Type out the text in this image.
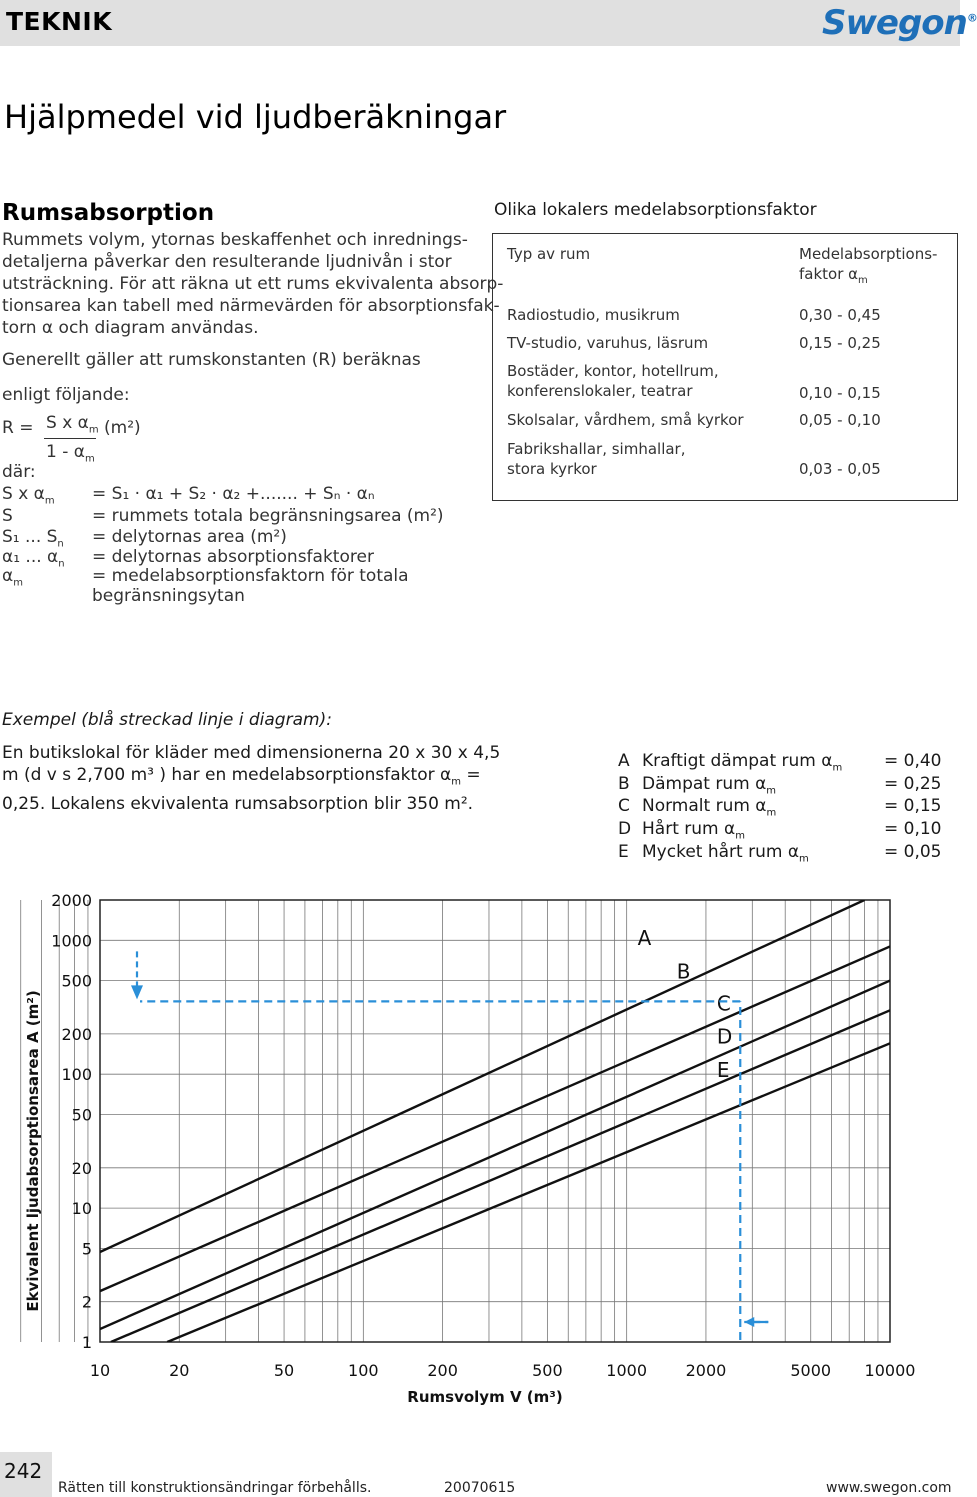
TEKNIK	Swegon®
Hjälpmedel vid ljudberäkningar
Rumsabsorption
Rummets volym, ytornas beskaffenhet och inrednings-
detaljerna påverkar den resulterande ljudnivån i stor
utsträckning. För att räkna ut ett rums ekvivalenta absorp-
tionsarea kan tabell med närmevärden för absorptionsfak-
torn α och diagram användas.
Generellt gäller att rumskonstanten (R) beräknas
enligt följande:
R = S x $\alpha_m$ (m²)
$1 - \alpha_m$
där:
S x $\alpha_m = S_1 \cdot \alpha_1 + S_2 \cdot \alpha_2$ +....... + Sₙ · αₙ
S	= rummets totala begränsningsarea (m²)
S₁ ... $S_n$ = delytornas area (m²)
α₁ ... $\alpha_n$ = delytornas absorptionsfaktorer
$\alpha_m$	= medelabsorptionsfaktorn för totala
begränsningsytan
Olika lokalers medelabsorptionsfaktor
Typ av rum	Medelabsorptions-
faktor $\alpha_m$
Radiostudio, musikrum	0,30 - 0,45
TV-studio, varuhus, läsrum	0,15 - 0,25
Bostäder, kontor, hotellrum,
konferenslokaler, teatrar	0,10 - 0,15
Skolsalar, vårdhem, små kyrkor	0,05 - 0,10
Fabrikshallar, simhallar,
stora kyrkor	0,03 - 0,05
Exempel (blå streckad linje i diagram):
En butikslokal för kläder med dimensionerna 20 x 30 x 4,5
m (d v s 2,700 m³ ) har en medelabsorptionsfaktor $\alpha_m$ =
0,25. Lokalens ekvivalenta rumsabsorption blir 350 m².
A Kraftigt dämpat rum $\alpha_m = 0,40$
B Dämpat rum $\alpha_m$	= 0,25
C Normalt rum $\alpha_m$	= 0,15
D Hårt rum $\alpha_m$	= 0,10
E Mycket hårt rum $\alpha_m$	= 0,05
A
B
C
D
E
10	20	50	100	200	500	1000 2000	5000 10000
1
2
5
10
20
50
100
200
500
1000
2000
Rumsvolym V (m³)
Ekvivalent ljudabsorptionsarea A (m²)
242
Rätten till konstruktionsändringar förbehålls.	20070615	www.swegon.com
